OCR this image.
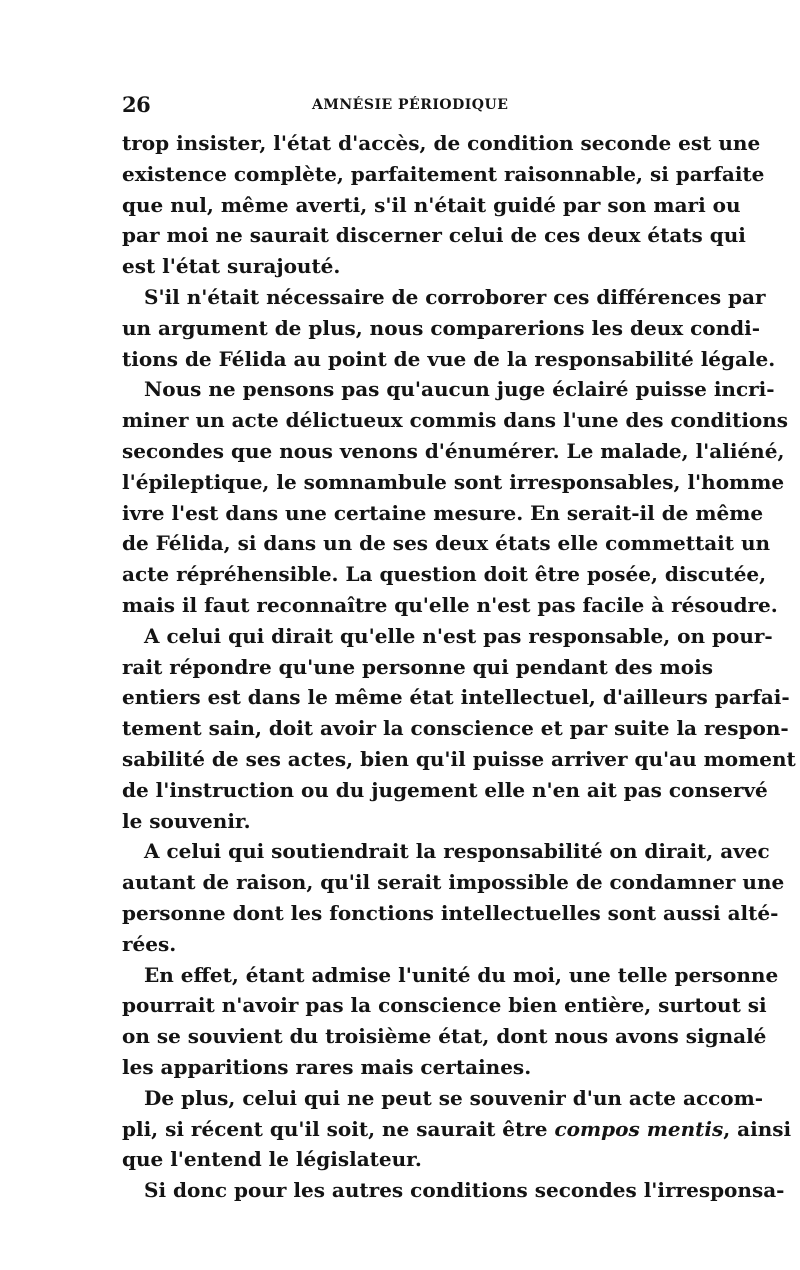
26	AMNÉSIE PÉRIODIQUE
trop insister, l'état d'accès, de condition seconde est une
existence complète, parfaitement raisonnable, si parfaite
que nul, même averti, s'il n'était guidé par son mari ou
par moi ne saurait discerner celui de ces deux états qui
est l'état surajouté.
S'il n'était nécessaire de corroborer ces différences par
un argument de plus, nous comparerions les deux condi-
tions de Félida au point de vue de la responsabilité légale.
Nous ne pensons pas qu'aucun juge éclairé puisse incri-
miner un acte délictueux commis dans l'une des conditions
secondes que nous venons d'énumérer. Le malade, l'aliéné,
l'épileptique, le somnambule sont irresponsables, l'homme
ivre l'est dans une certaine mesure. En serait-il de même
de Félida, si dans un de ses deux états elle commettait un
acte répréhensible. La question doit être posée, discutée,
mais il faut reconnaître qu'elle n'est pas facile à résoudre.
A celui qui dirait qu'elle n'est pas responsable, on pour-
rait répondre qu'une personne qui pendant des mois
entiers est dans le même état intellectuel, d'ailleurs parfai-
tement sain, doit avoir la conscience et par suite la respon-
sabilité de ses actes, bien qu'il puisse arriver qu'au moment
de l'instruction ou du jugement elle n'en ait pas conservé
le souvenir.
A celui qui soutiendrait la responsabilité on dirait, avec
autant de raison, qu'il serait impossible de condamner une
personne dont les fonctions intellectuelles sont aussi alté-
rées.
En effet, étant admise l'unité du moi, une telle personne
pourrait n'avoir pas la conscience bien entière, surtout si
on se souvient du troisième état, dont nous avons signalé
les apparitions rares mais certaines.
De plus, celui qui ne peut se souvenir d'un acte accom-
pli, si récent qu'il soit, ne saurait être compos mentis, ainsi
que l'entend le législateur.
Si donc pour les autres conditions secondes l'irresponsa-
